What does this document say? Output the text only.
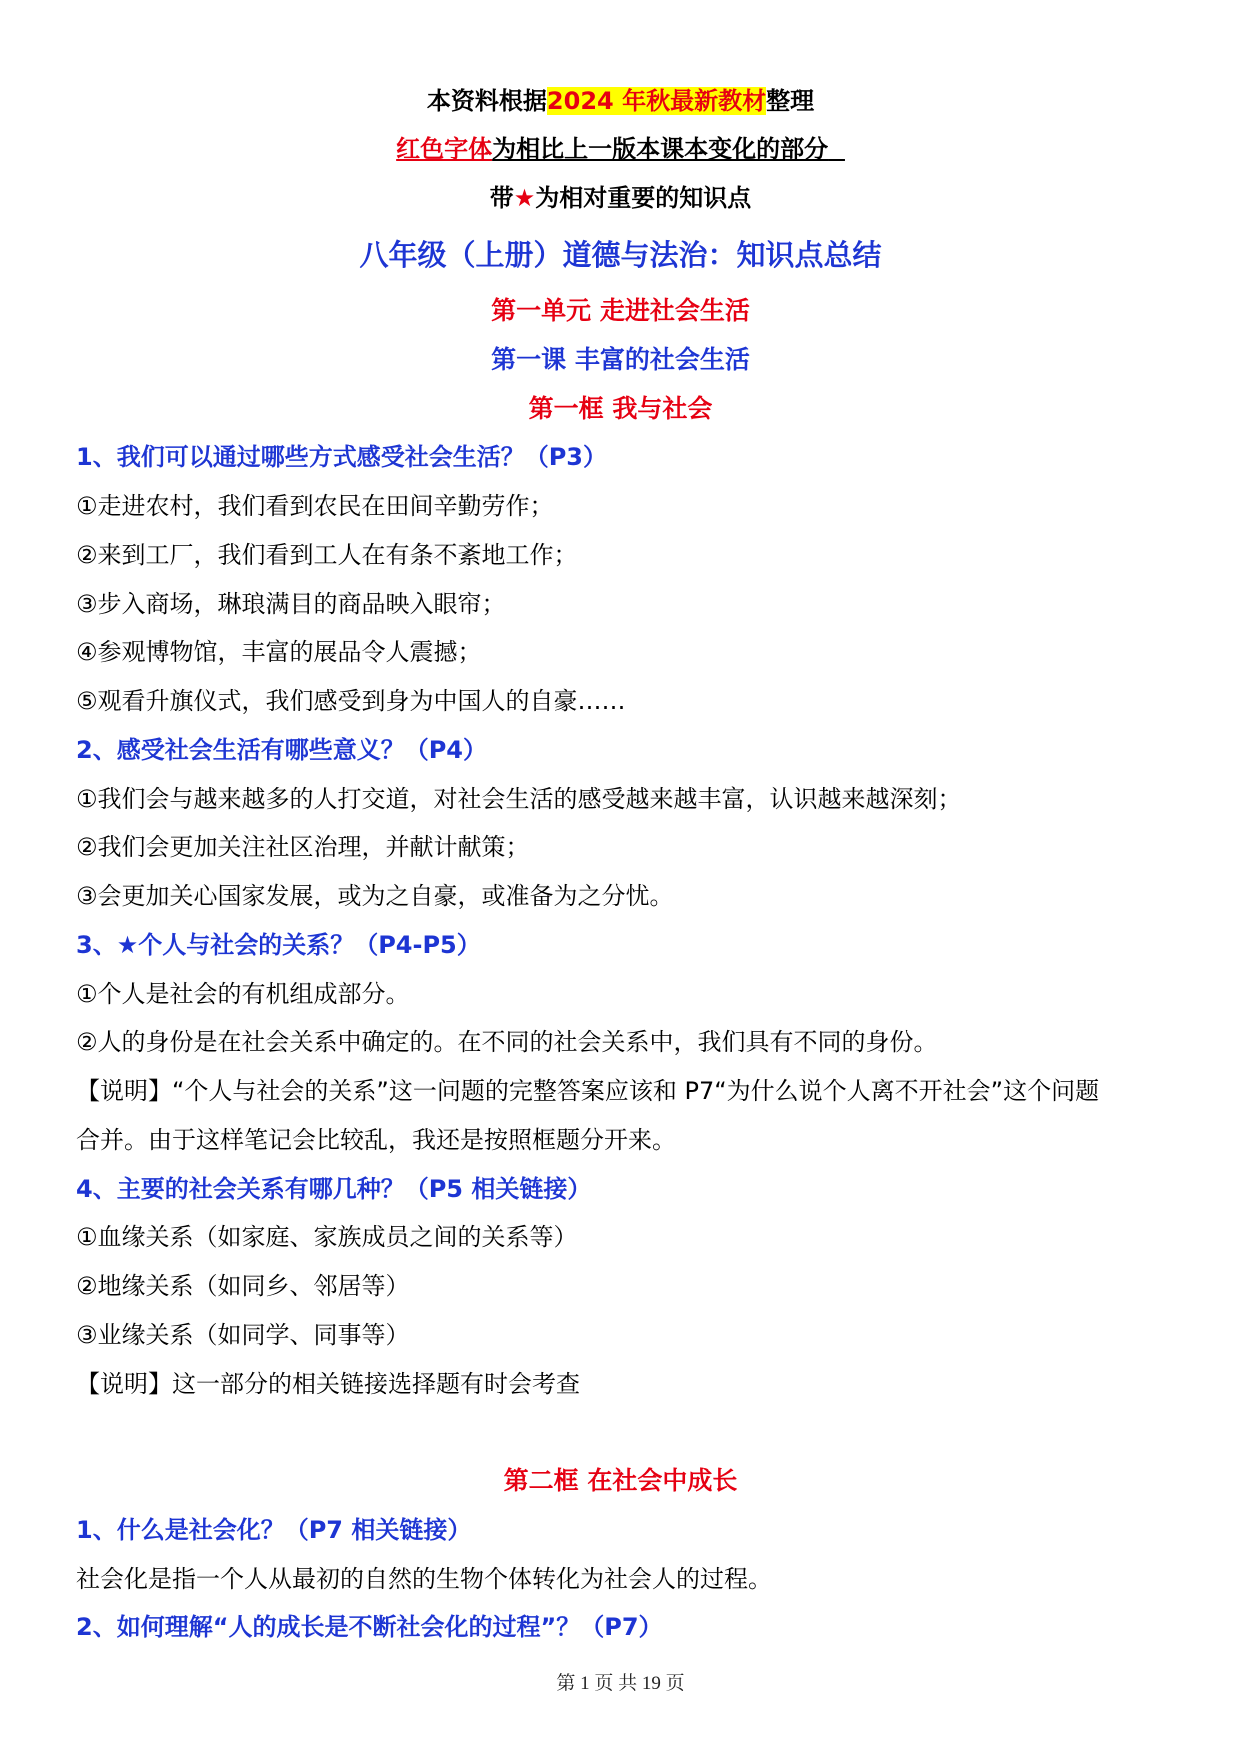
本资料根据2024 年秋最新教材整理
红色字体为相比上一版本课本变化的部分
带★为相对重要的知识点
八年级（上册）道德与法治：知识点总结
第一单元 走进社会生活
第一课 丰富的社会生活
第一框 我与社会
1、我们可以通过哪些方式感受社会生活？（P3）
①走进农村，我们看到农民在田间辛勤劳作；
②来到工厂，我们看到工人在有条不紊地工作；
③步入商场，琳琅满目的商品映入眼帘；
④参观博物馆，丰富的展品令人震撼；
⑤观看升旗仪式，我们感受到身为中国人的自豪……
2、感受社会生活有哪些意义？（P4）
①我们会与越来越多的人打交道，对社会生活的感受越来越丰富，认识越来越深刻；
②我们会更加关注社区治理，并献计献策；
③会更加关心国家发展，或为之自豪，或准备为之分忧。
3、★个人与社会的关系？（P4-P5）
①个人是社会的有机组成部分。
②人的身份是在社会关系中确定的。在不同的社会关系中，我们具有不同的身份。
【说明】“个人与社会的关系”这一问题的完整答案应该和 P7“为什么说个人离不开社会”这个问题
合并。由于这样笔记会比较乱，我还是按照框题分开来。
4、主要的社会关系有哪几种？（P5 相关链接）
①血缘关系（如家庭、家族成员之间的关系等）
②地缘关系（如同乡、邻居等）
③业缘关系（如同学、同事等）
【说明】这一部分的相关链接选择题有时会考查
第二框 在社会中成长
1、什么是社会化？（P7 相关链接）
社会化是指一个人从最初的自然的生物个体转化为社会人的过程。
2、如何理解“人的成长是不断社会化的过程”？（P7）
第 1 页 共 19 页
